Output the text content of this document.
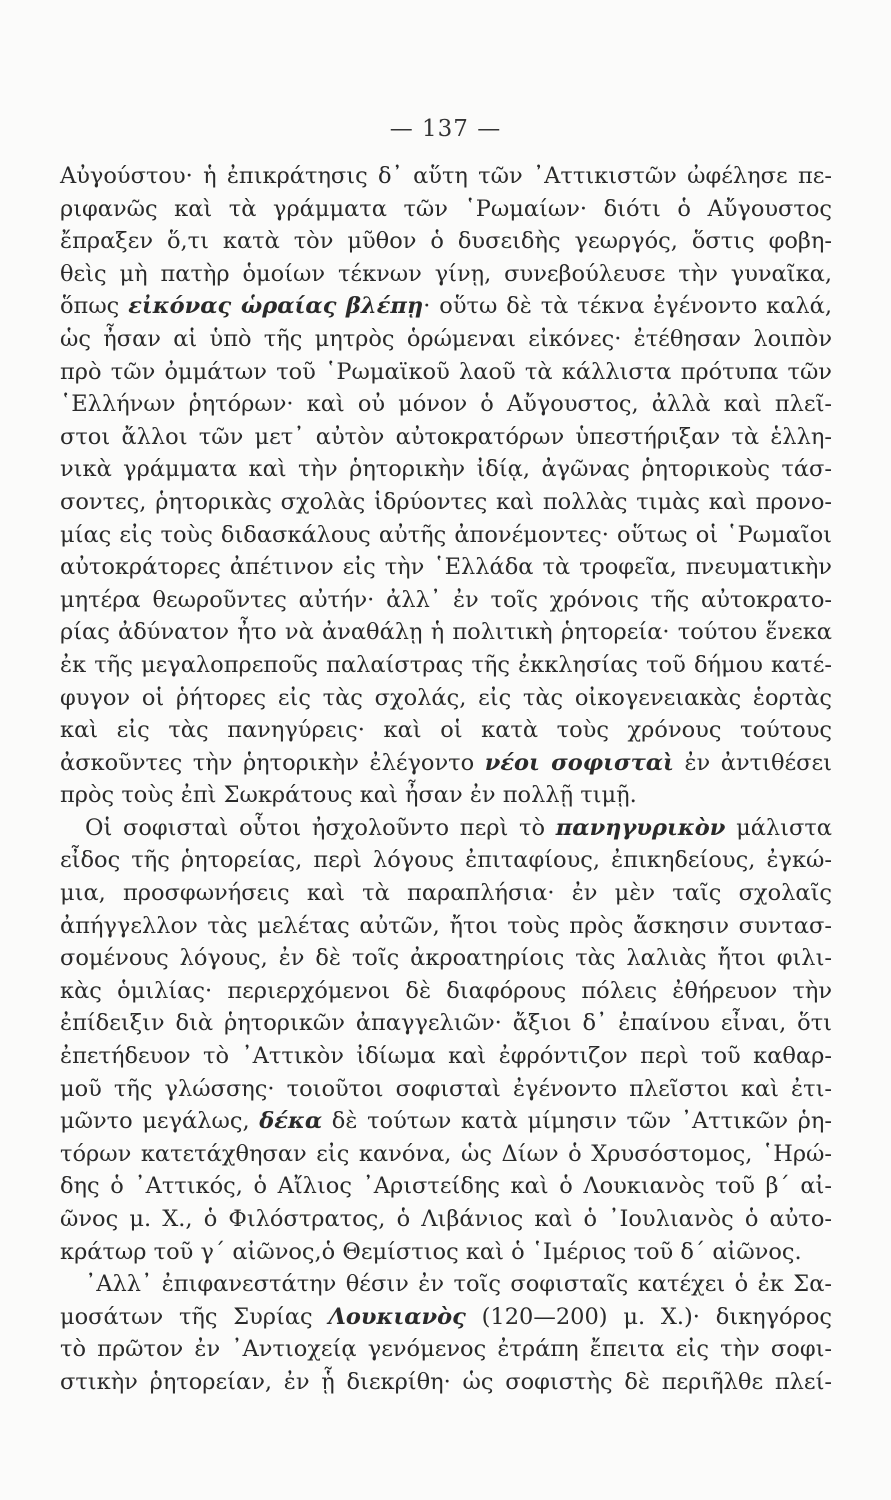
— 137 —
Αὐγούστου· ἡ ἐπικράτησις δ᾽ αὕτη τῶν ᾽Αττικιστῶν ὠφέλησε πε-
ριφανῶς καὶ τὰ γράμματα τῶν ῾Ρωμαίων· διότι ὁ Αὔγουστος
ἔπραξεν ὅ,τι κατὰ τὸν μῦθον ὁ δυσειδὴς γεωργός, ὅστις φοβη-
θεὶς μὴ πατὴρ ὁμοίων τέκνων γίνῃ, συνεβούλευσε τὴν γυναῖκα,
ὅπως εἰκόνας ὡραίας βλέπῃ· οὕτω δὲ τὰ τέκνα ἐγένοντο καλά,
ὡς ἦσαν αἱ ὑπὸ τῆς μητρὸς ὁρώμεναι εἰκόνες· ἐτέθησαν λοιπὸν
πρὸ τῶν ὀμμάτων τοῦ ῾Ρωμαϊκοῦ λαοῦ τὰ κάλλιστα πρότυπα τῶν
῾Ελλήνων ῥητόρων· καὶ οὐ μόνον ὁ Αὔγουστος, ἀλλὰ καὶ πλεῖ-
στοι ἄλλοι τῶν μετ᾽ αὐτὸν αὐτοκρατόρων ὑπεστήριξαν τὰ ἑλλη-
νικὰ γράμματα καὶ τὴν ῥητορικὴν ἰδίᾳ, ἀγῶνας ῥητορικοὺς τάσ-
σοντες, ῥητορικὰς σχολὰς ἱδρύοντες καὶ πολλὰς τιμὰς καὶ προνο-
μίας εἰς τοὺς διδασκάλους αὐτῆς ἀπονέμοντες· οὕτως οἱ ῾Ρωμαῖοι
αὐτοκράτορες ἀπέτινον εἰς τὴν ῾Ελλάδα τὰ τροφεῖα, πνευματικὴν
μητέρα θεωροῦντες αὐτήν· ἀλλ᾽ ἐν τοῖς χρόνοις τῆς αὐτοκρατο-
ρίας ἀδύνατον ἦτο νὰ ἀναθάλῃ ἡ πολιτικὴ ῥητορεία· τούτου ἕνεκα
ἐκ τῆς μεγαλοπρεποῦς παλαίστρας τῆς ἐκκλησίας τοῦ δήμου κατέ-
φυγον οἱ ῥήτορες εἰς τὰς σχολάς, εἰς τὰς οἰκογενειακὰς ἑορτὰς
καὶ εἰς τὰς πανηγύρεις· καὶ οἱ κατὰ τοὺς χρόνους τούτους
ἀσκοῦντες τὴν ῥητορικὴν ἐλέγοντο νέοι σοφισταὶ ἐν ἀντιθέσει
πρὸς τοὺς ἐπὶ Σωκράτους καὶ ἦσαν ἐν πολλῇ τιμῇ.
Οἱ σοφισταὶ οὗτοι ἠσχολοῦντο περὶ τὸ πανηγυρικὸν μάλιστα
εἶδος τῆς ῥητορείας, περὶ λόγους ἐπιταφίους, ἐπικηδείους, ἐγκώ-
μια, προσφωνήσεις καὶ τὰ παραπλήσια· ἐν μὲν ταῖς σχολαῖς
ἀπήγγελλον τὰς μελέτας αὐτῶν, ἤτοι τοὺς πρὸς ἄσκησιν συντασ-
σομένους λόγους, ἐν δὲ τοῖς ἀκροατηρίοις τὰς λαλιὰς ἤτοι φιλι-
κὰς ὁμιλίας· περιερχόμενοι δὲ διαφόρους πόλεις ἐθήρευον τὴν
ἐπίδειξιν διὰ ῥητορικῶν ἀπαγγελιῶν· ἄξιοι δ᾽ ἐπαίνου εἶναι, ὅτι
ἐπετήδευον τὸ ᾽Αττικὸν ἰδίωμα καὶ ἐφρόντιζον περὶ τοῦ καθαρ-
μοῦ τῆς γλώσσης· τοιοῦτοι σοφισταὶ ἐγένοντο πλεῖστοι καὶ ἐτι-
μῶντο μεγάλως, δέκα δὲ τούτων κατὰ μίμησιν τῶν ᾽Αττικῶν ῥη-
τόρων κατετάχθησαν εἰς κανόνα, ὡς Δίων ὁ Χρυσόστομος, ῾Ηρώ-
δης ὁ ᾽Αττικός, ὁ Αἴλιος ᾽Αριστείδης καὶ ὁ Λουκιανὸς τοῦ β΄ αἰ-
ῶνος μ. Χ., ὁ Φιλόστρατος, ὁ Λιβάνιος καὶ ὁ ᾽Ιουλιανὸς ὁ αὐτο-
κράτωρ τοῦ γ΄ αἰῶνος,ὁ Θεμίστιος καὶ ὁ ῾Ιμέριος τοῦ δ΄ αἰῶνος.
᾽Αλλ᾽ ἐπιφανεστάτην θέσιν ἐν τοῖς σοφισταῖς κατέχει ὁ ἐκ Σα-
μοσάτων τῆς Συρίας Λουκιανὸς (120—200) μ. Χ.)· δικηγόρος
τὸ πρῶτον ἐν ᾽Αντιοχείᾳ γενόμενος ἐτράπη ἔπειτα εἰς τὴν σοφι-
στικὴν ῥητορείαν, ἐν ᾗ διεκρίθη· ὡς σοφιστὴς δὲ περιῆλθε πλεί-
